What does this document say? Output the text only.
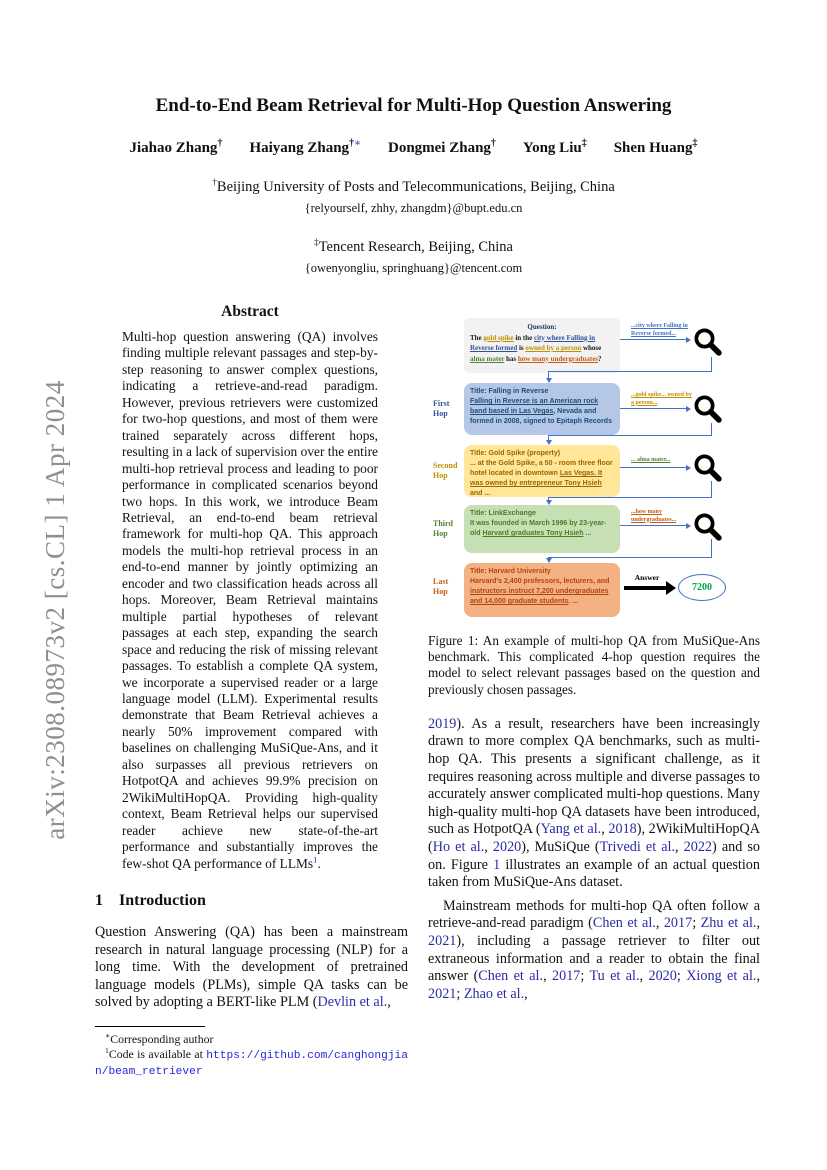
arXiv:2308.08973v2 [cs.CL] 1 Apr 2024
End-to-End Beam Retrieval for Multi-Hop Question Answering
Jiahao Zhang† Haiyang Zhang†∗ Dongmei Zhang† Yong Liu‡ Shen Huang‡
†Beijing University of Posts and Telecommunications, Beijing, China
{relyourself, zhhy, zhangdm}@bupt.edu.cn
‡Tencent Research, Beijing, China
{owenyongliu, springhuang}@tencent.com
Abstract

Multi-hop question answering (QA) involves finding multiple relevant passages and step-by-step reasoning to answer complex questions, indicating a retrieve-and-read paradigm. However, previous retrievers were customized for two-hop questions, and most of them were trained separately across different hops, resulting in a lack of supervision over the entire multi-hop retrieval process and leading to poor performance in complicated scenarios beyond two hops. In this work, we introduce Beam Retrieval, an end-to-end beam retrieval framework for multi-hop QA. This approach models the multi-hop retrieval process in an end-to-end manner by jointly optimizing an encoder and two classification heads across all hops. Moreover, Beam Retrieval maintains multiple partial hypotheses of relevant passages at each step, expanding the search space and reducing the risk of missing relevant passages. To establish a complete QA system, we incorporate a supervised reader or a large language model (LLM). Experimental results demonstrate that Beam Retrieval achieves a nearly 50% improvement compared with baselines on challenging MuSiQue-Ans, and it also surpasses all previous retrievers on HotpotQA and achieves 99.9% precision on 2WikiMultiHopQA. Providing high-quality context, Beam Retrieval helps our supervised reader achieve new state-of-the-art performance and substantially improves the few-shot QA performance of LLMs$^1$.

1 Introduction

Question Answering (QA) has been a mainstream research in natural language processing (NLP) for a long time. With the development of pretrained language models (PLMs), simple QA tasks can be solved by adopting a BERT-like PLM (Devlin et al.,

∗Corresponding author

$^1$Code is available at https://github.com/canghongjian/beam_retriever

Question:
The gold spike in the city where Falling in Reverse formed is owned by a person whose alma mater has how many undergraduates?
Title: Falling in Reverse
Falling in Reverse is an American rock band based in Las Vegas, Nevada and formed in 2008, signed to Epitaph Records
Title: Gold Spike (property)
... at the Gold Spike, a 50 - room three floor hotel located in downtown Las Vegas. It was owned by entrepreneur Tony Hsieh and ...
Title: LinkExchange
It was founded in March 1996 by 23-year-old Harvard graduates Tony Hsieh ...
Title: Harvard University
Harvard's 2,400 professors, lecturers, and instructors instruct 7,200 undergraduates and 14,000 graduate students. ...
First Hop
Second Hop
Third Hop
Last Hop
...city where Falling in Reverse formed...
...gold spike... owned by a person...
... alma mater...
...how many undergraduates...
Answer
7200

Figure 1: An example of multi-hop QA from MuSiQue-Ans benchmark. This complicated 4-hop question requires the model to select relevant passages based on the question and previously chosen passages.

2019). As a result, researchers have been increasingly drawn to more complex QA benchmarks, such as multi-hop QA. This presents a significant challenge, as it requires reasoning across multiple and diverse passages to accurately answer complicated multi-hop questions. Many high-quality multi-hop QA datasets have been introduced, such as HotpotQA (Yang et al., 2018), 2WikiMultiHopQA (Ho et al., 2020), MuSiQue (Trivedi et al., 2022) and so on. Figure 1 illustrates an example of an actual question taken from MuSiQue-Ans dataset.

Mainstream methods for multi-hop QA often follow a retrieve-and-read paradigm (Chen et al., 2017; Zhu et al., 2021), including a passage retriever to filter out extraneous information and a reader to obtain the final answer (Chen et al., 2017; Tu et al., 2020; Xiong et al., 2021; Zhao et al.,
